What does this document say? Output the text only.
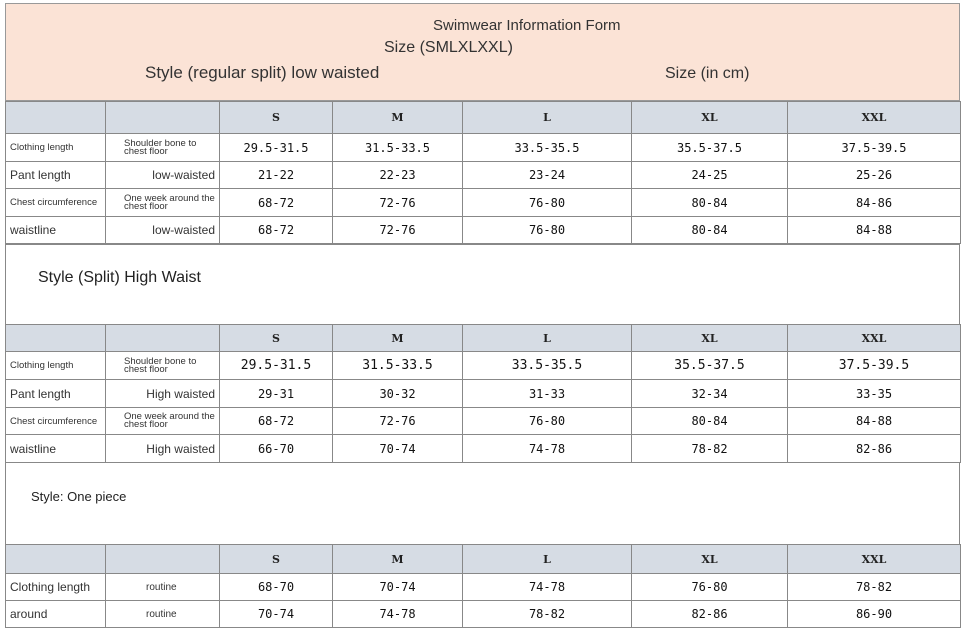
Swimwear Information Form
Size (SMLXLXXL)
Style (regular split) low waisted	Size (in cm)
		S	M	L	XL	XXL
Clothing length	Shoulder bone to chest floor	29.5-31.5	31.5-33.5	33.5-35.5	35.5-37.5	37.5-39.5
Pant length	low-waisted	21-22	22-23	23-24	24-25	25-26
Chest circumference	One week around the chest floor	68-72	72-76	76-80	80-84	84-86
waistline	low-waisted	68-72	72-76	76-80	80-84	84-88
Style (Split) High Waist
		S	M	L	XL	XXL
Clothing length	Shoulder bone to chest floor	29.5-31.5	31.5-33.5	33.5-35.5	35.5-37.5	37.5-39.5
Pant length	High waisted	29-31	30-32	31-33	32-34	33-35
Chest circumference	One week around the chest floor	68-72	72-76	76-80	80-84	84-88
waistline	High waisted	66-70	70-74	74-78	78-82	82-86
Style: One piece
		S	M	L	XL	XXL
Clothing length	routine	68-70	70-74	74-78	76-80	78-82
around	routine	70-74	74-78	78-82	82-86	86-90
